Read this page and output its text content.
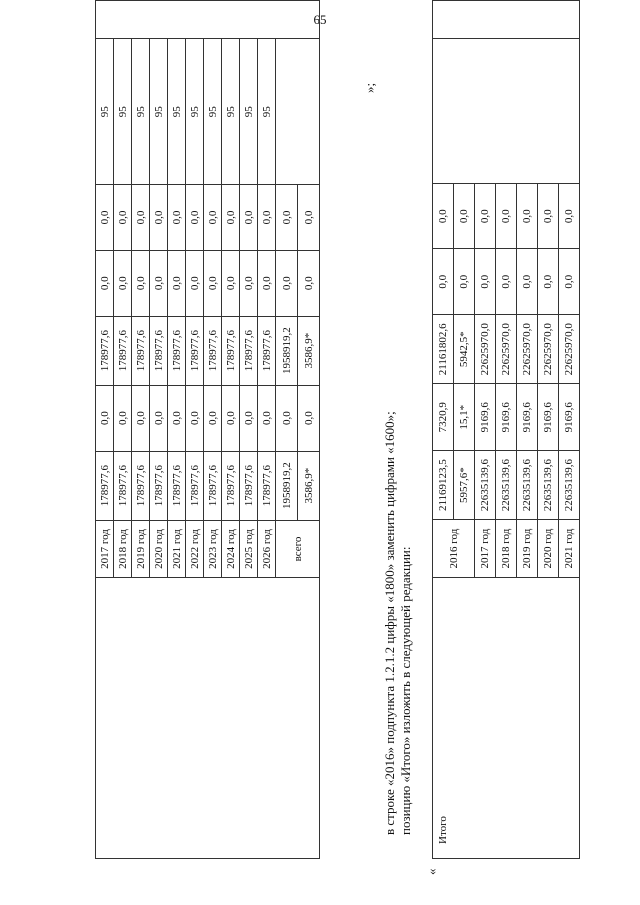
65
	2017 год	178977,6	0,0	178977,6	0,0	0,0	95	
	2018 год	178977,6	0,0	178977,6	0,0	0,0	95	
	2019 год	178977,6	0,0	178977,6	0,0	0,0	95	
	2020 год	178977,6	0,0	178977,6	0,0	0,0	95	
	2021 год	178977,6	0,0	178977,6	0,0	0,0	95	
	2022 год	178977,6	0,0	178977,6	0,0	0,0	95	
	2023 год	178977,6	0,0	178977,6	0,0	0,0	95	
	2024 год	178977,6	0,0	178977,6	0,0	0,0	95	
	2025 год	178977,6	0,0	178977,6	0,0	0,0	95	
	2026 год	178977,6	0,0	178977,6	0,0	0,0	95	
	всего	1958919,2	0,0	1958919,2	0,0	0,0		
		3586,9*	0,0	3586,9*	0,0	0,0		
»;
в строке «2016» подпункта 1.2.1.2 цифры «1800» заменить цифрами «1600»; позицию «Итого» изложить в следующей редакции:
«
Итого	2016 год	21169123,5	7320,9	21161802,6	0,0	0,0		
		5957,6*	15,1*	5942,5*	0,0	0,0		
	2017 год	22635139,6	9169,6	22625970,0	0,0	0,0		
	2018 год	22635139,6	9169,6	22625970,0	0,0	0,0		
	2019 год	22635139,6	9169,6	22625970,0	0,0	0,0		
	2020 год	22635139,6	9169,6	22625970,0	0,0	0,0		
	2021 год	22635139,6	9169,6	22625970,0	0,0	0,0		
